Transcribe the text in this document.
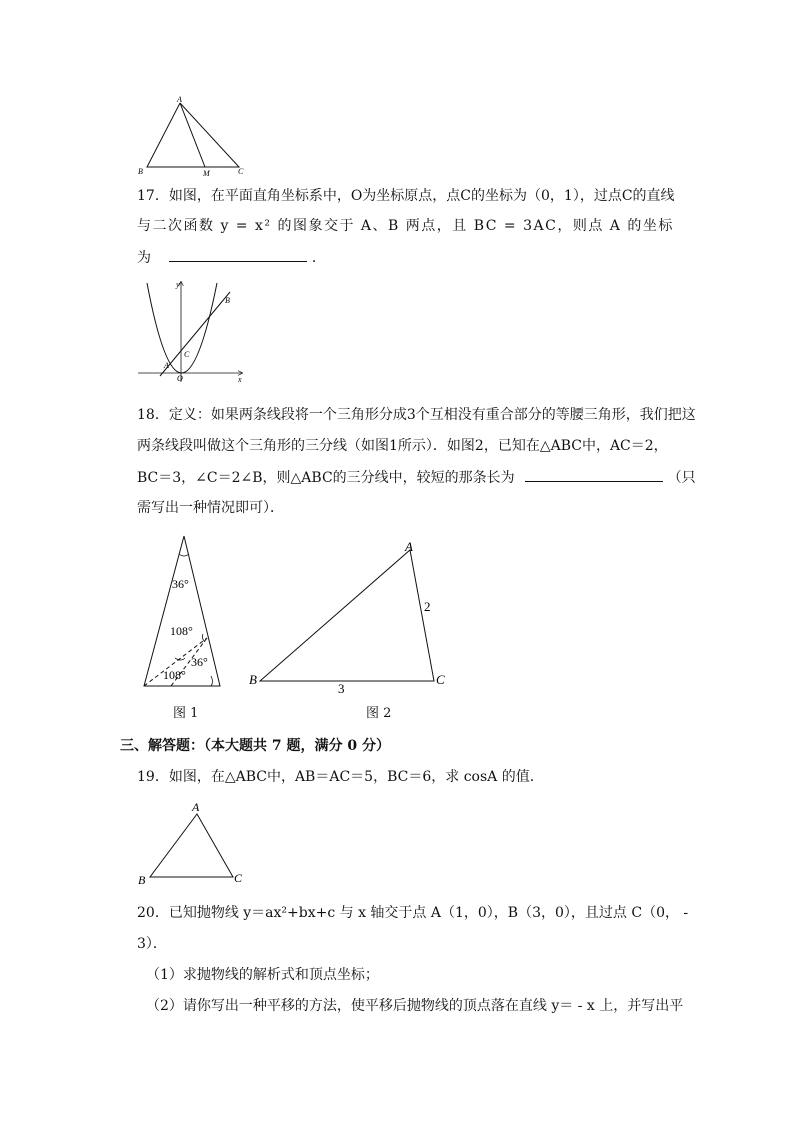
A
B	M	C
17．如图，在平面直角坐标系中，O为坐标原点，点C的坐标为（0，1），过点C的直线
与二次函数 y = x² 的图象交于 A、B 两点，且 BC = 3AC，则点 A 的坐标
为	．
y
x
B
C
A
O
18．定义：如果两条线段将一个三角形分成3个互相没有重合部分的等腰三角形，我们把这
两条线段叫做这个三角形的三分线（如图1所示）．如图2，已知在△ABC中，AC＝2，
BC＝3，∠C＝2∠B，则△ABC的三分线中，较短的那条长为	（只
需写出一种情况即可）．
36°
108°
36°
108°
图 1
A
B	C
2
3
图 2
三、解答题：（本大题共 7 题，满分 0 分）
19．如图，在△ABC中，AB＝AC＝5，BC＝6，求 cosA 的值．
A
B	C
20．已知抛物线 y＝ax²+bx+c 与 x 轴交于点 A（1，0），B（3，0），且过点 C（0， -
3）．
（1）求抛物线的解析式和顶点坐标；
（2）请你写出一种平移的方法，使平移后抛物线的顶点落在直线 y＝ - x 上，并写出平
